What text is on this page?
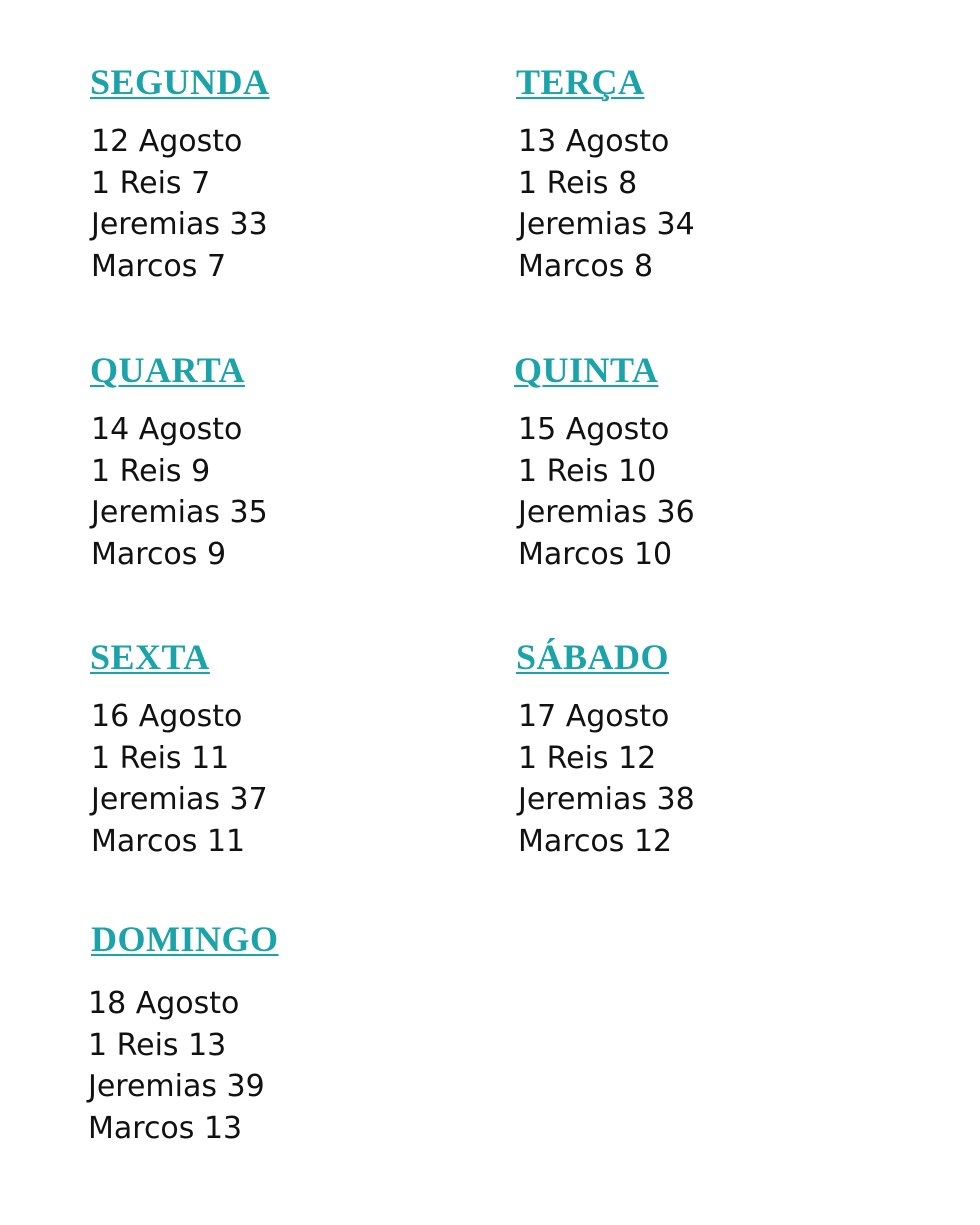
SEGUNDA
12 Agosto
1 Reis 7
Jeremias 33
Marcos 7
TERÇA
13 Agosto
1 Reis 8
Jeremias 34
Marcos 8
QUARTA
14 Agosto
1 Reis 9
Jeremias 35
Marcos 9
QUINTA
15 Agosto
1 Reis 10
Jeremias 36
Marcos 10
SEXTA
16 Agosto
1 Reis 11
Jeremias 37
Marcos 11
SÁBADO
17 Agosto
1 Reis 12
Jeremias 38
Marcos 12
DOMINGO
18 Agosto
1 Reis 13
Jeremias 39
Marcos 13
